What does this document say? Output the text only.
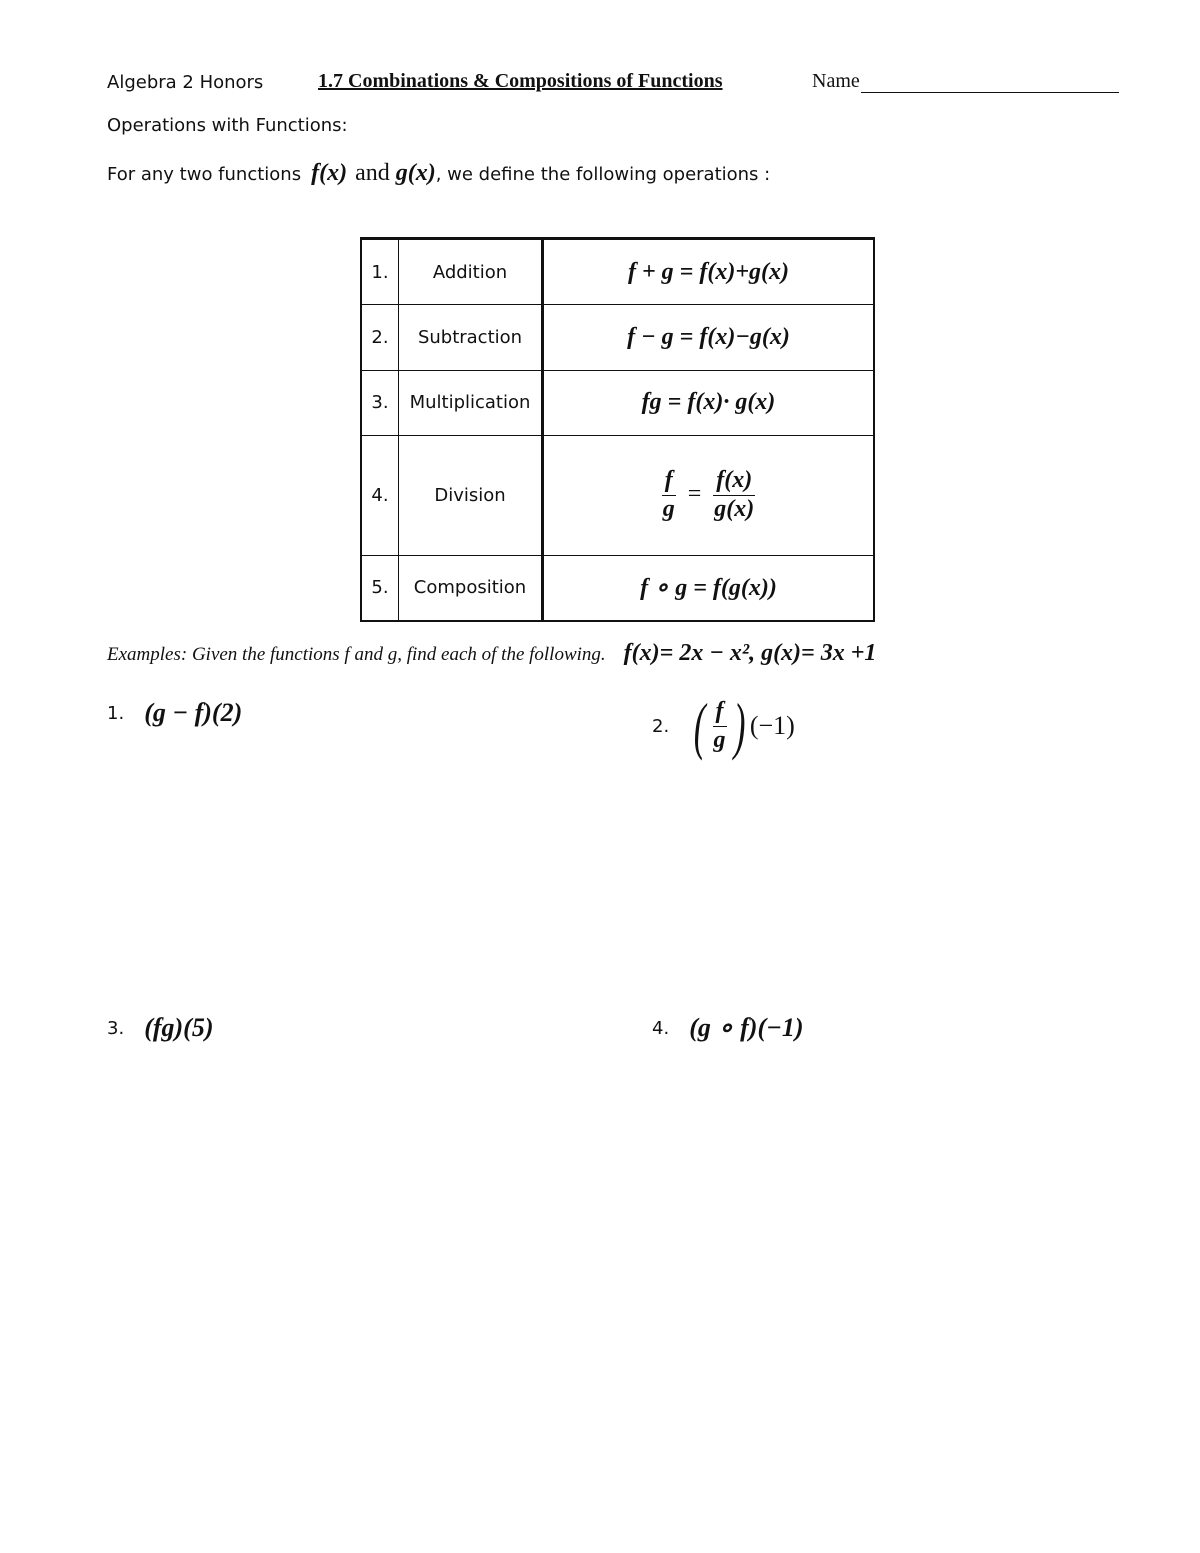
Algebra 2 Honors	1.7 Combinations & Compositions of Functions	Name
Operations with Functions:
For any two functions f(x) and g(x) , we define the following operations :
1.	Addition	f + g = f(x)+g(x)
2.	Subtraction	f − g = f(x)−g(x)
3.	Multiplication	fg = f(x)· g(x)
4.	Division	$\frac{f}{g} = \frac{f(x)}{g(x)}$

5.	Composition	f ∘ g = f(g(x))
Examples: Given the functions f and g, find each of the following. f(x)= 2x − x², g(x)= 3x +1
1. (g − f)(2)	2. ( $\frac{f}{g}$ ) (−1)
3. (fg)(5)	4. (g ∘ f)(−1)
